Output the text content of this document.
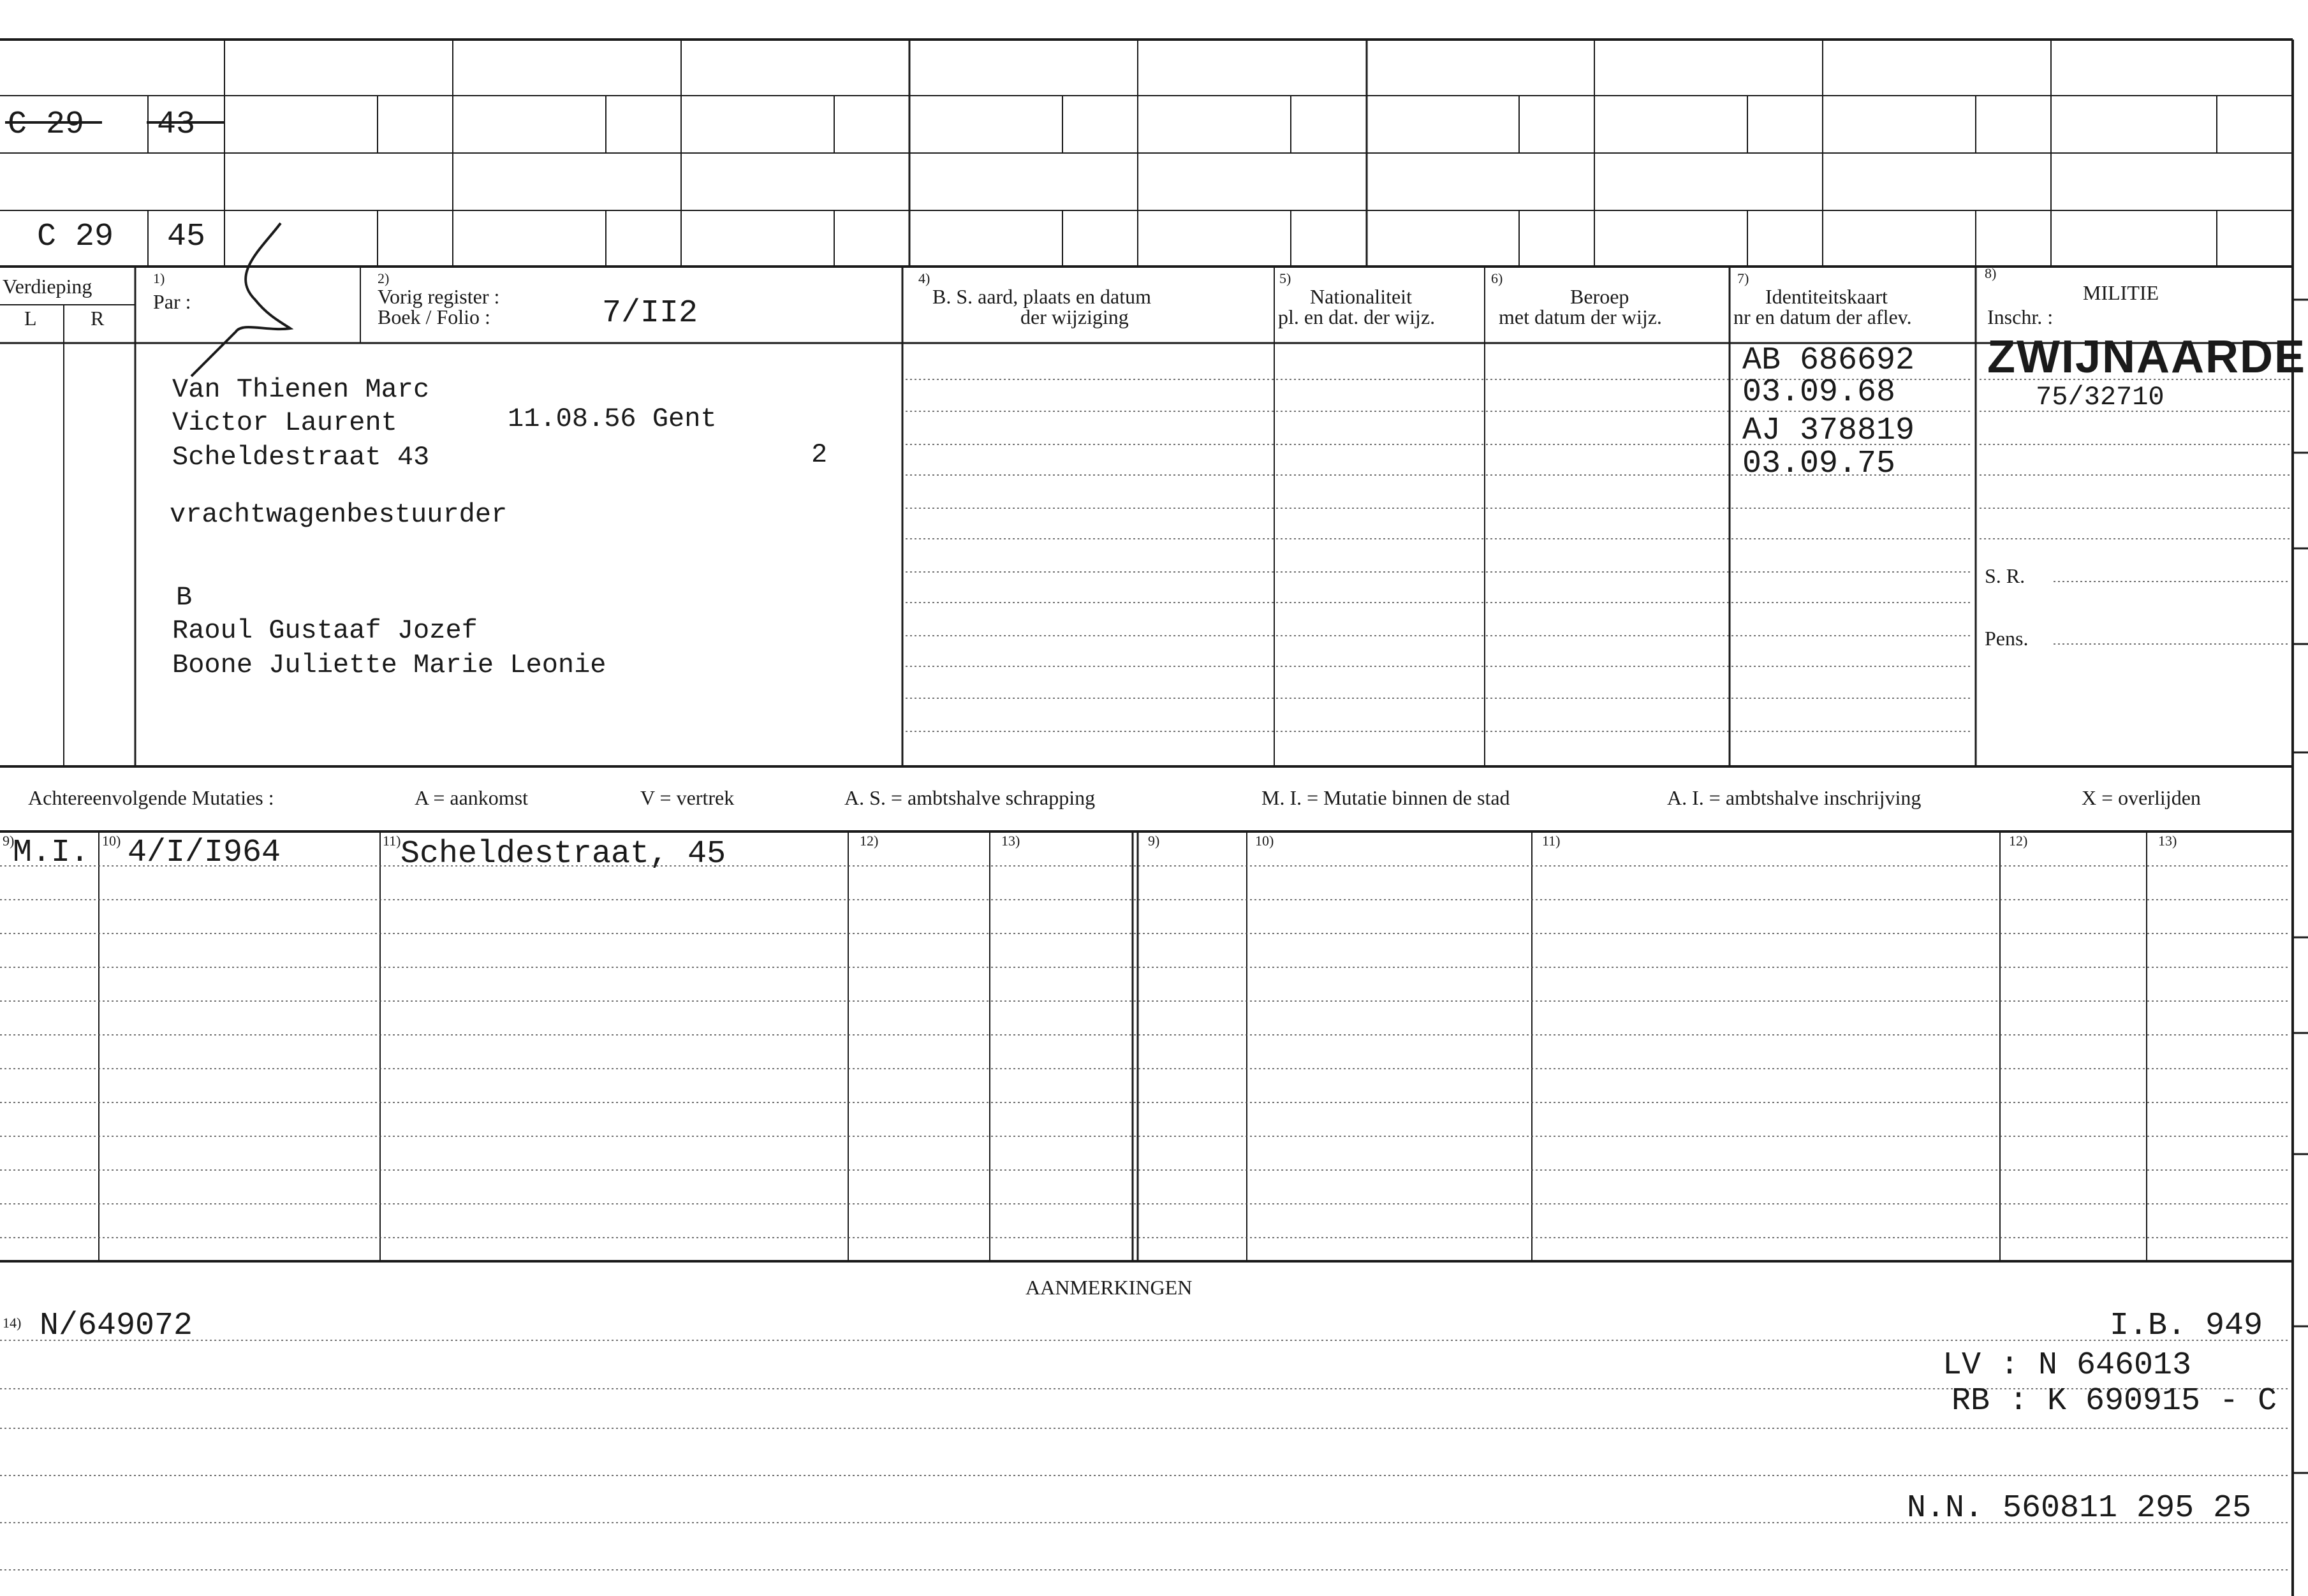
C 29 43
C 29 45
Verdieping
L	R
1)
Par :
2)
Vorig register :
Boek / Folio :	7/II2
4)
B. S. aard, plaats en datum
der wijziging
5)
Nationaliteit
pl. en dat. der wijz.
6)
Beroep
met datum der wijz.
7)
Identiteitskaart
nr en datum der aflev.
8)
MILITIE
Inschr. :
Van Thienen Marc
Victor Laurent	11.08.56 Gent
Scheldestraat 43	2
vrachtwagenbestuurder
B
Raoul Gustaaf Jozef
Boone Juliette Marie Leonie
AB 686692
03.09.68
AJ 378819
03.09.75
ZWIJNAARDE
75/32710
S. R.
Pens.
Achtereenvolgende Mutaties :	A = aankomst	V = vertrek	A. S. = ambtshalve schrapping	M. I. = Mutatie binnen de stad	A. I. = ambtshalve inschrijving	X = overlijden
9)	10)	11)	12)	13)	9)	10)	11)	12)	13)
M.I. 4/I/I964	Scheldestraat, 45
AANMERKINGEN
14) N/649072	I.B. 949
LV : N 646013
RB : K 690915 - C
N.N. 560811 295 25
